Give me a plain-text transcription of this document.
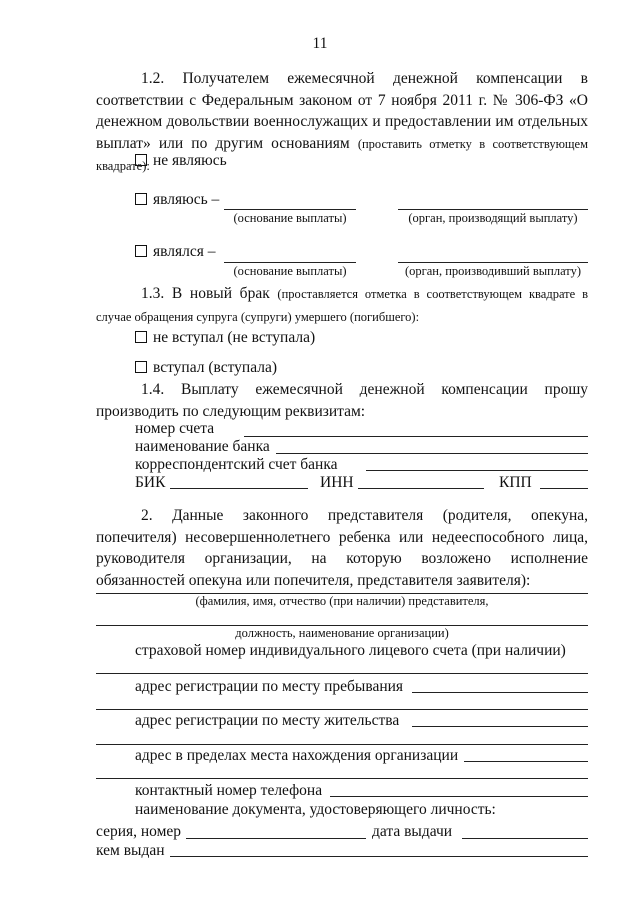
11
1.2. Получателем ежемесячной денежной компенсации в соответствии с Федеральным законом от 7 ноября 2011 г. № 306-ФЗ «О денежном довольствии военнослужащих и предоставлении им отдельных выплат» или по другим основаниям (проставить отметку в соответствующем квадрате): не являюсь
являюсь –
(основание выплаты)	(орган, производящий выплату)
являлся –
(основание выплаты)	(орган, производивший выплату)
1.3. В новый брак (проставляется отметка в соответствующем квадрате в случае обращения супруга (супруги) умершего (погибшего):
не вступал (не вступала)
вступал (вступала)
1.4. Выплату ежемесячной денежной компенсации прошу производить по следующим реквизитам:
номер счета
наименование банка
корреспондентский счет банка
БИК	ИНН	КПП
2. Данные законного представителя (родителя, опекуна, попечителя) несовершеннолетнего ребенка или недееспособного лица, руководителя организации, на которую возложено исполнение обязанностей опекуна или попечителя, представителя заявителя):
(фамилия, имя, отчество (при наличии) представителя,
должность, наименование организации)
страховой номер индивидуального лицевого счета (при наличии)
адрес регистрации по месту пребывания
адрес регистрации по месту жительства
адрес в пределах места нахождения организации
контактный номер телефона
наименование документа, удостоверяющего личность:
серия, номер	дата выдачи
кем выдан
